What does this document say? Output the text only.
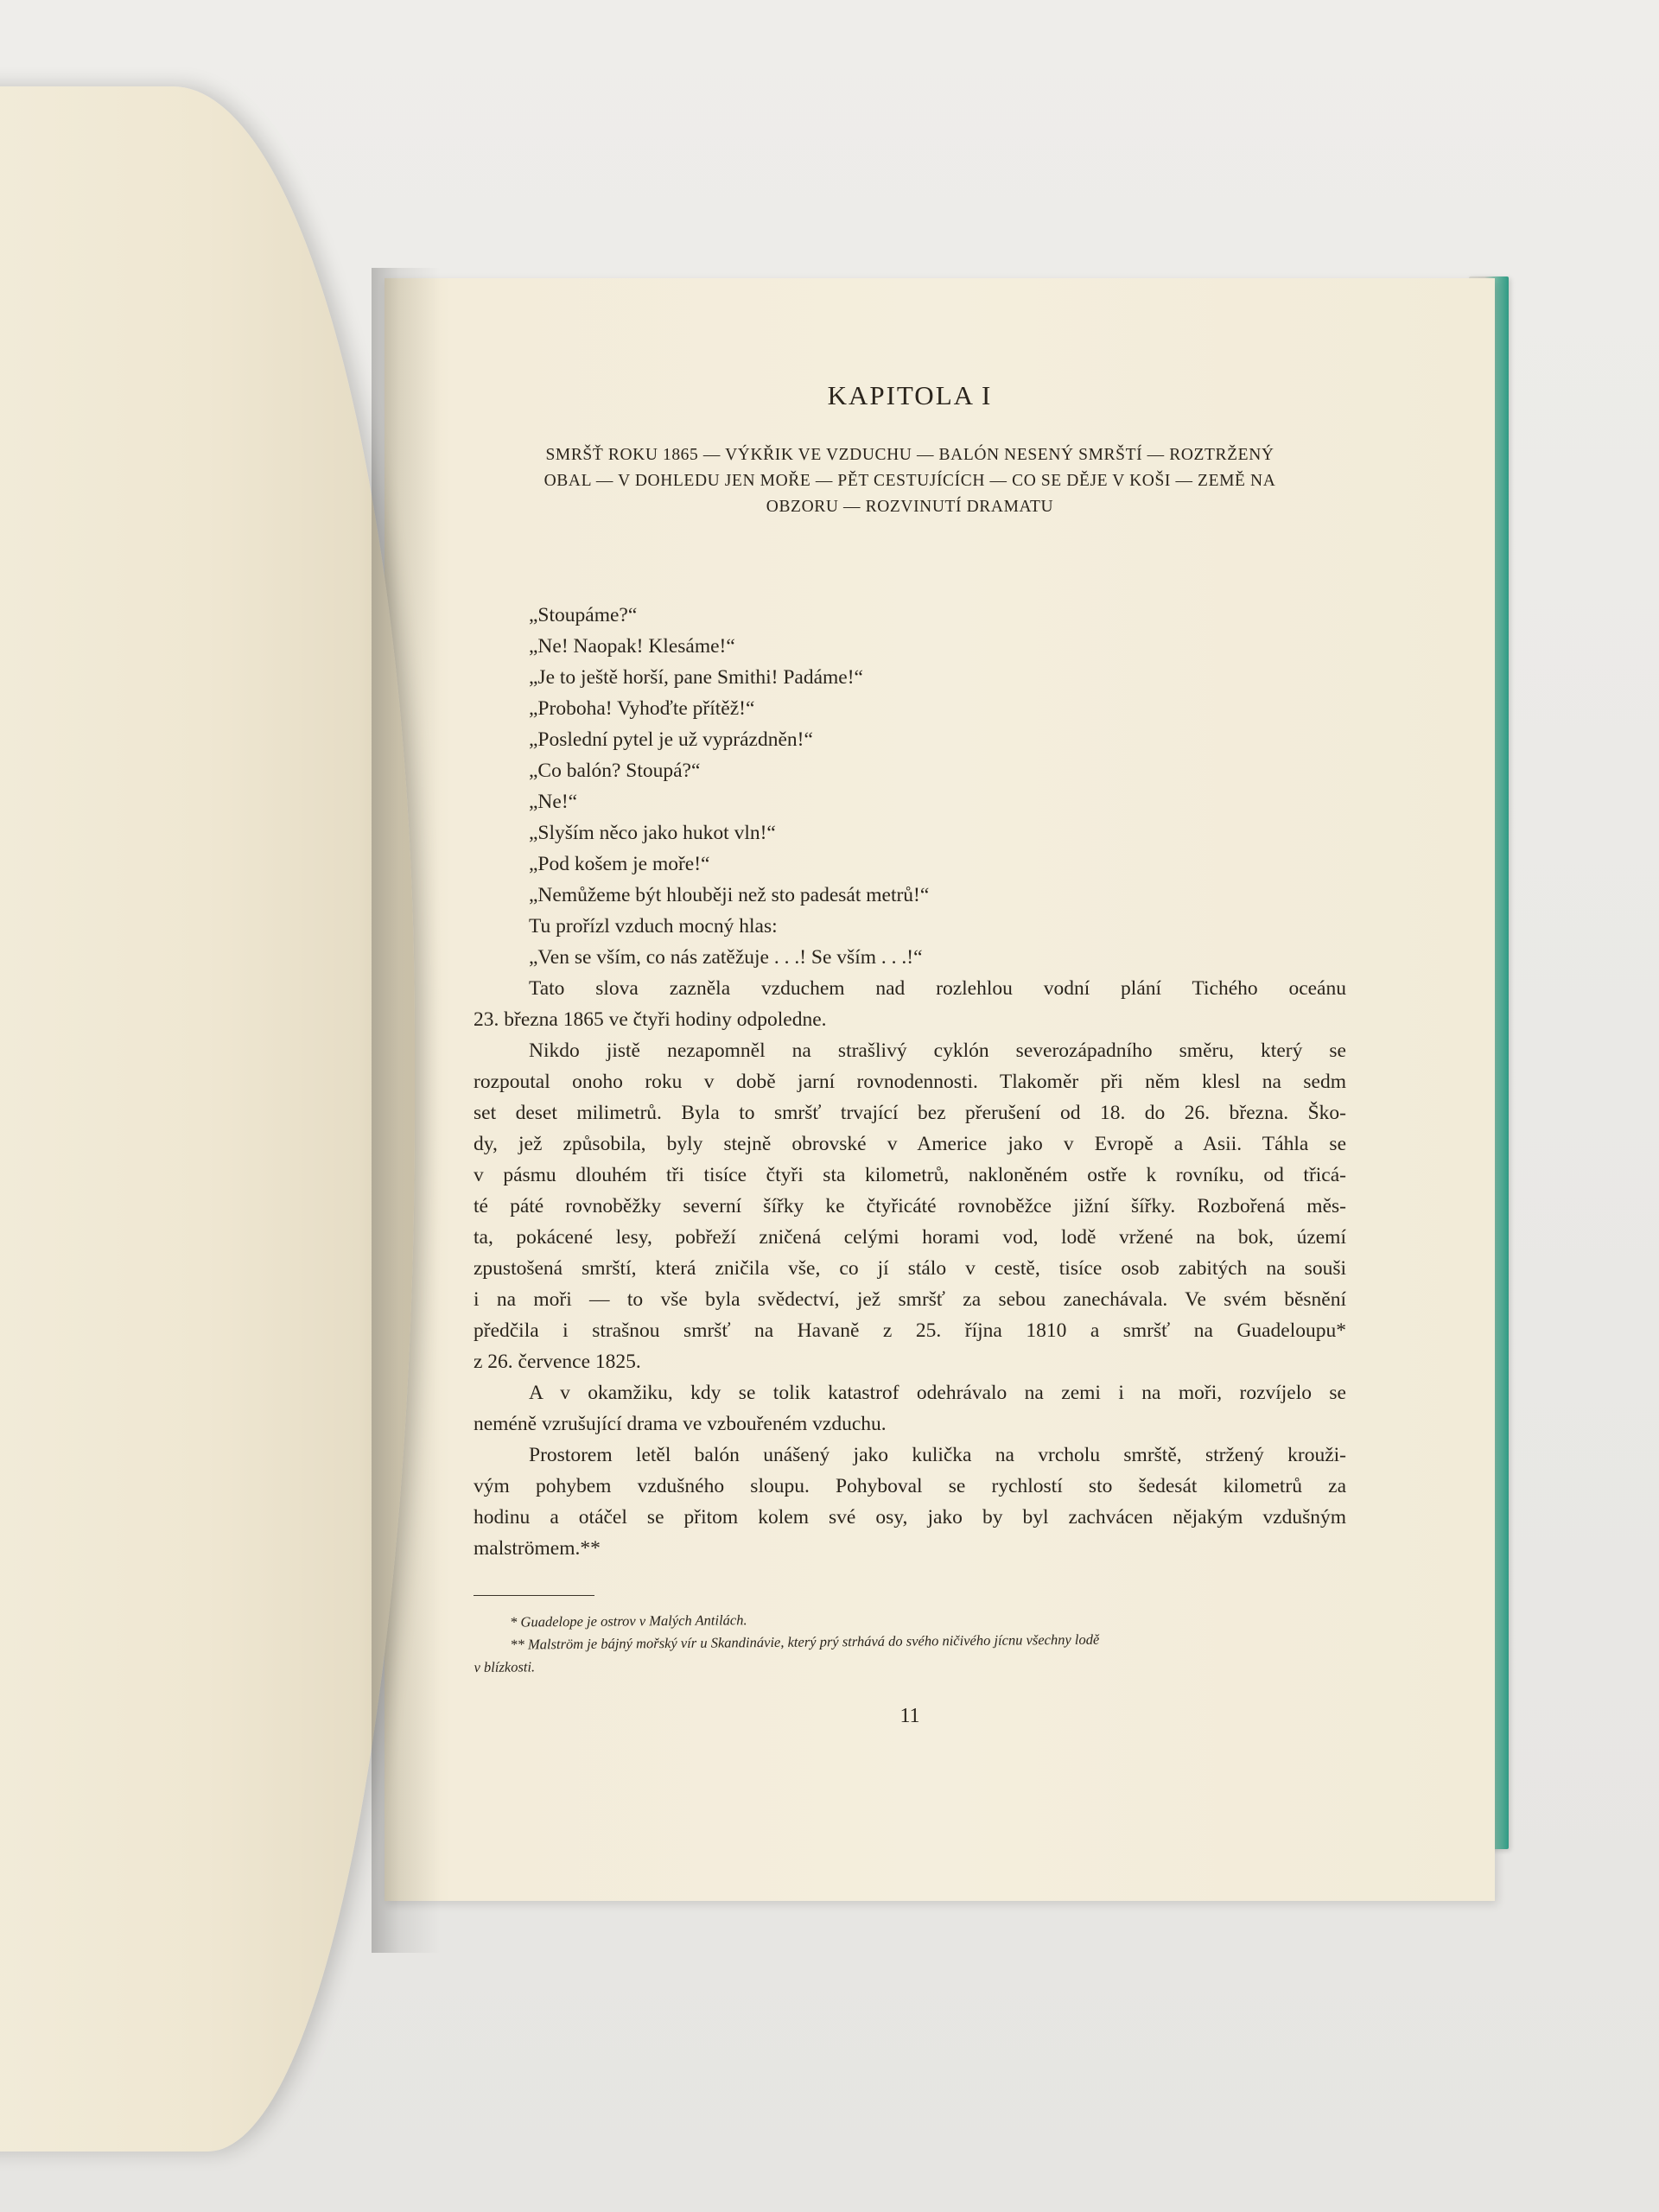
KAPITOLA I
SMRŠŤ ROKU 1865 — VÝKŘIK VE VZDUCHU — BALÓN NESENÝ SMRŠTÍ — ROZTRŽENÝ
OBAL — V DOHLEDU JEN MOŘE — PĚT CESTUJÍCÍCH — CO SE DĚJE V KOŠI — ZEMĚ NA
OBZORU — ROZVINUTÍ DRAMATU
„Stoupáme?“
„Ne! Naopak! Klesáme!“
„Je to ještě horší, pane Smithi! Padáme!“
„Proboha! Vyhoďte přítěž!“
„Poslední pytel je už vyprázdněn!“
„Co balón? Stoupá?“
„Ne!“
„Slyším něco jako hukot vln!“
„Pod košem je moře!“
„Nemůžeme být hlouběji než sto padesát metrů!“
Tu prořízl vzduch mocný hlas:
„Ven se vším, co nás zatěžuje . . .! Se vším . . .!“
Tato slova zazněla vzduchem nad rozlehlou vodní plání Tichého oceánu
23. března 1865 ve čtyři hodiny odpoledne.
Nikdo jistě nezapomněl na strašlivý cyklón severozápadního směru, který se
rozpoutal onoho roku v době jarní rovnodennosti. Tlakoměr při něm klesl na sedm
set deset milimetrů. Byla to smršť trvající bez přerušení od 18. do 26. března. Ško-
dy, jež způsobila, byly stejně obrovské v Americe jako v Evropě a Asii. Táhla se
v pásmu dlouhém tři tisíce čtyři sta kilometrů, nakloněném ostře k rovníku, od třicá-
té páté rovnoběžky severní šířky ke čtyřicáté rovnoběžce jižní šířky. Rozbořená měs-
ta, pokácené lesy, pobřeží zničená celými horami vod, lodě vržené na bok, území
zpustošená smrští, která zničila vše, co jí stálo v cestě, tisíce osob zabitých na souši
i na moři — to vše byla svědectví, jež smršť za sebou zanechávala. Ve svém běsnění
předčila i strašnou smršť na Havaně z 25. října 1810 a smršť na Guadeloupu*
z 26. července 1825.
A v okamžiku, kdy se tolik katastrof odehrávalo na zemi i na moři, rozvíjelo se
neméně vzrušující drama ve vzbouřeném vzduchu.
Prostorem letěl balón unášený jako kulička na vrcholu smrště, stržený krouži-
vým pohybem vzdušného sloupu. Pohyboval se rychlostí sto šedesát kilometrů za
hodinu a otáčel se přitom kolem své osy, jako by byl zachvácen nějakým vzdušným
malströmem.**
* Guadelope je ostrov v Malých Antilách.
** Malström je bájný mořský vír u Skandinávie, který prý strhává do svého ničivého jícnu všechny lodě
v blízkosti.
11
